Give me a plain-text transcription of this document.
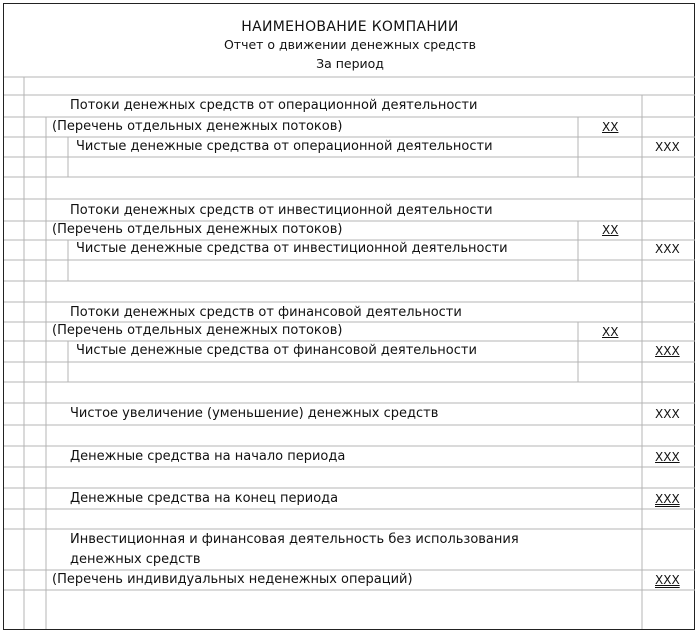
НАИМЕНОВАНИЕ КОМПАНИИ
Отчет о движении денежных средств
За период
Потоки денежных средств от операционной деятельности
(Перечень отдельных денежных потоков)	XX
Чистые денежные средства от операционной деятельности	XXX
Потоки денежных средств от инвестиционной деятельности
(Перечень отдельных денежных потоков)	XX
Чистые денежные средства от инвестиционной деятельности	XXX
Потоки денежных средств от финансовой деятельности
(Перечень отдельных денежных потоков)	XX
Чистые денежные средства от финансовой деятельности	XXX
Чистое увеличение (уменьшение) денежных средств	XXX
Денежные средства на начало периода	XXX
Денежные средства на конец периода	XXX
Инвестиционная и финансовая деятельность без использования
денежных средств
(Перечень индивидуальных неденежных операций)	XXX
